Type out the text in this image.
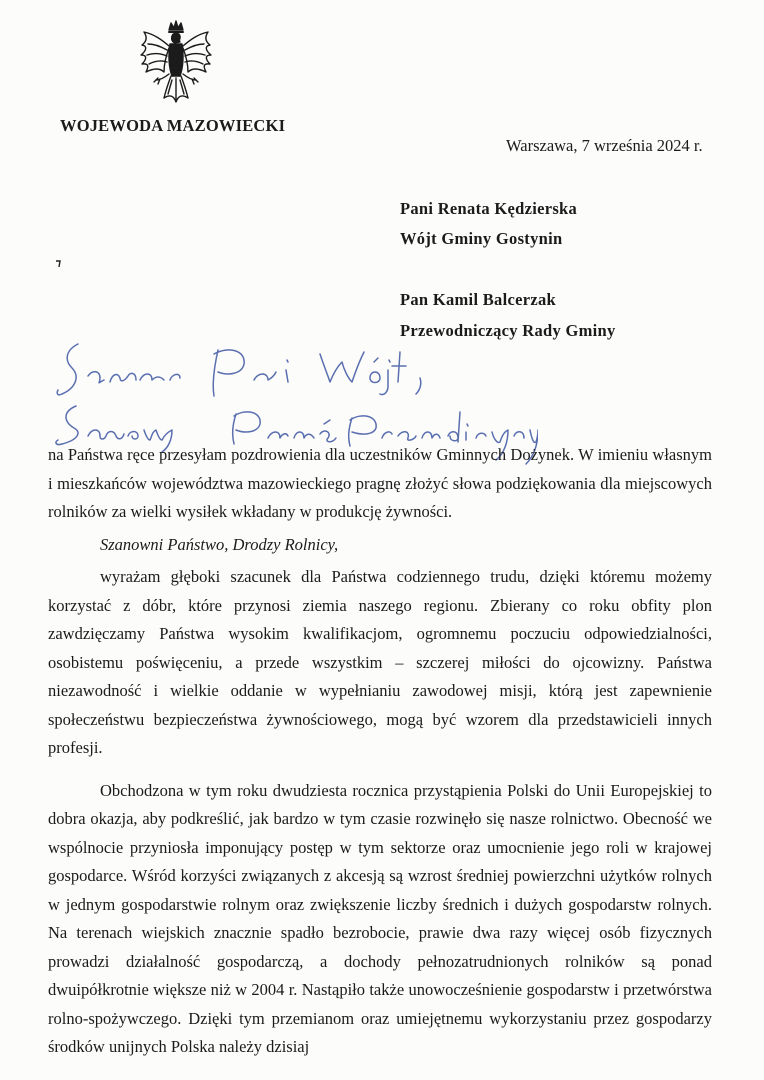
WOJEWODA MAZOWIECKI
Warszawa, 7 września 2024 r.
Pani Renata Kędzierska
Wójt Gminy Gostynin
Pan Kamil Balcerzak
Przewodniczący Rady Gminy

na Państwa ręce przesyłam pozdrowienia dla uczestników Gminnych Dożynek. W imieniu własnym i mieszkańców województwa mazowieckiego pragnę złożyć słowa podziękowania dla miejscowych rolników za wielki wysiłek wkładany w produkcję żywności.

Szanowni Państwo, Drodzy Rolnicy,

wyrażam głęboki szacunek dla Państwa codziennego trudu, dzięki któremu możemy korzystać z dóbr, które przynosi ziemia naszego regionu. Zbierany co roku obfity plon zawdzięczamy Państwa wysokim kwalifikacjom, ogromnemu poczuciu odpowiedzialności, osobistemu poświęceniu, a przede wszystkim – szczerej miłości do ojcowizny. Państwa niezawodność i wielkie oddanie w wypełnianiu zawodowej misji, którą jest zapewnienie społeczeństwu bezpieczeństwa żywnościowego, mogą być wzorem dla przedstawicieli innych profesji.

Obchodzona w tym roku dwudziesta rocznica przystąpienia Polski do Unii Europejskiej to dobra okazja, aby podkreślić, jak bardzo w tym czasie rozwinęło się nasze rolnictwo. Obecność we wspólnocie przyniosła imponujący postęp w tym sektorze oraz umocnienie jego roli w krajowej gospodarce. Wśród korzyści związanych z akcesją są wzrost średniej powierzchni użytków rolnych w jednym gospodarstwie rolnym oraz zwiększenie liczby średnich i dużych gospodarstw rolnych. Na terenach wiejskich znacznie spadło bezrobocie, prawie dwa razy więcej osób fizycznych prowadzi działalność gospodarczą, a dochody pełnozatrudnionych rolników są ponad dwuipółkrotnie większe niż w 2004 r. Nastąpiło także unowocześnienie gospodarstw i przetwórstwa rolno-spożywczego. Dzięki tym przemianom oraz umiejętnemu wykorzystaniu przez gospodarzy środków unijnych Polska należy dzisiaj
